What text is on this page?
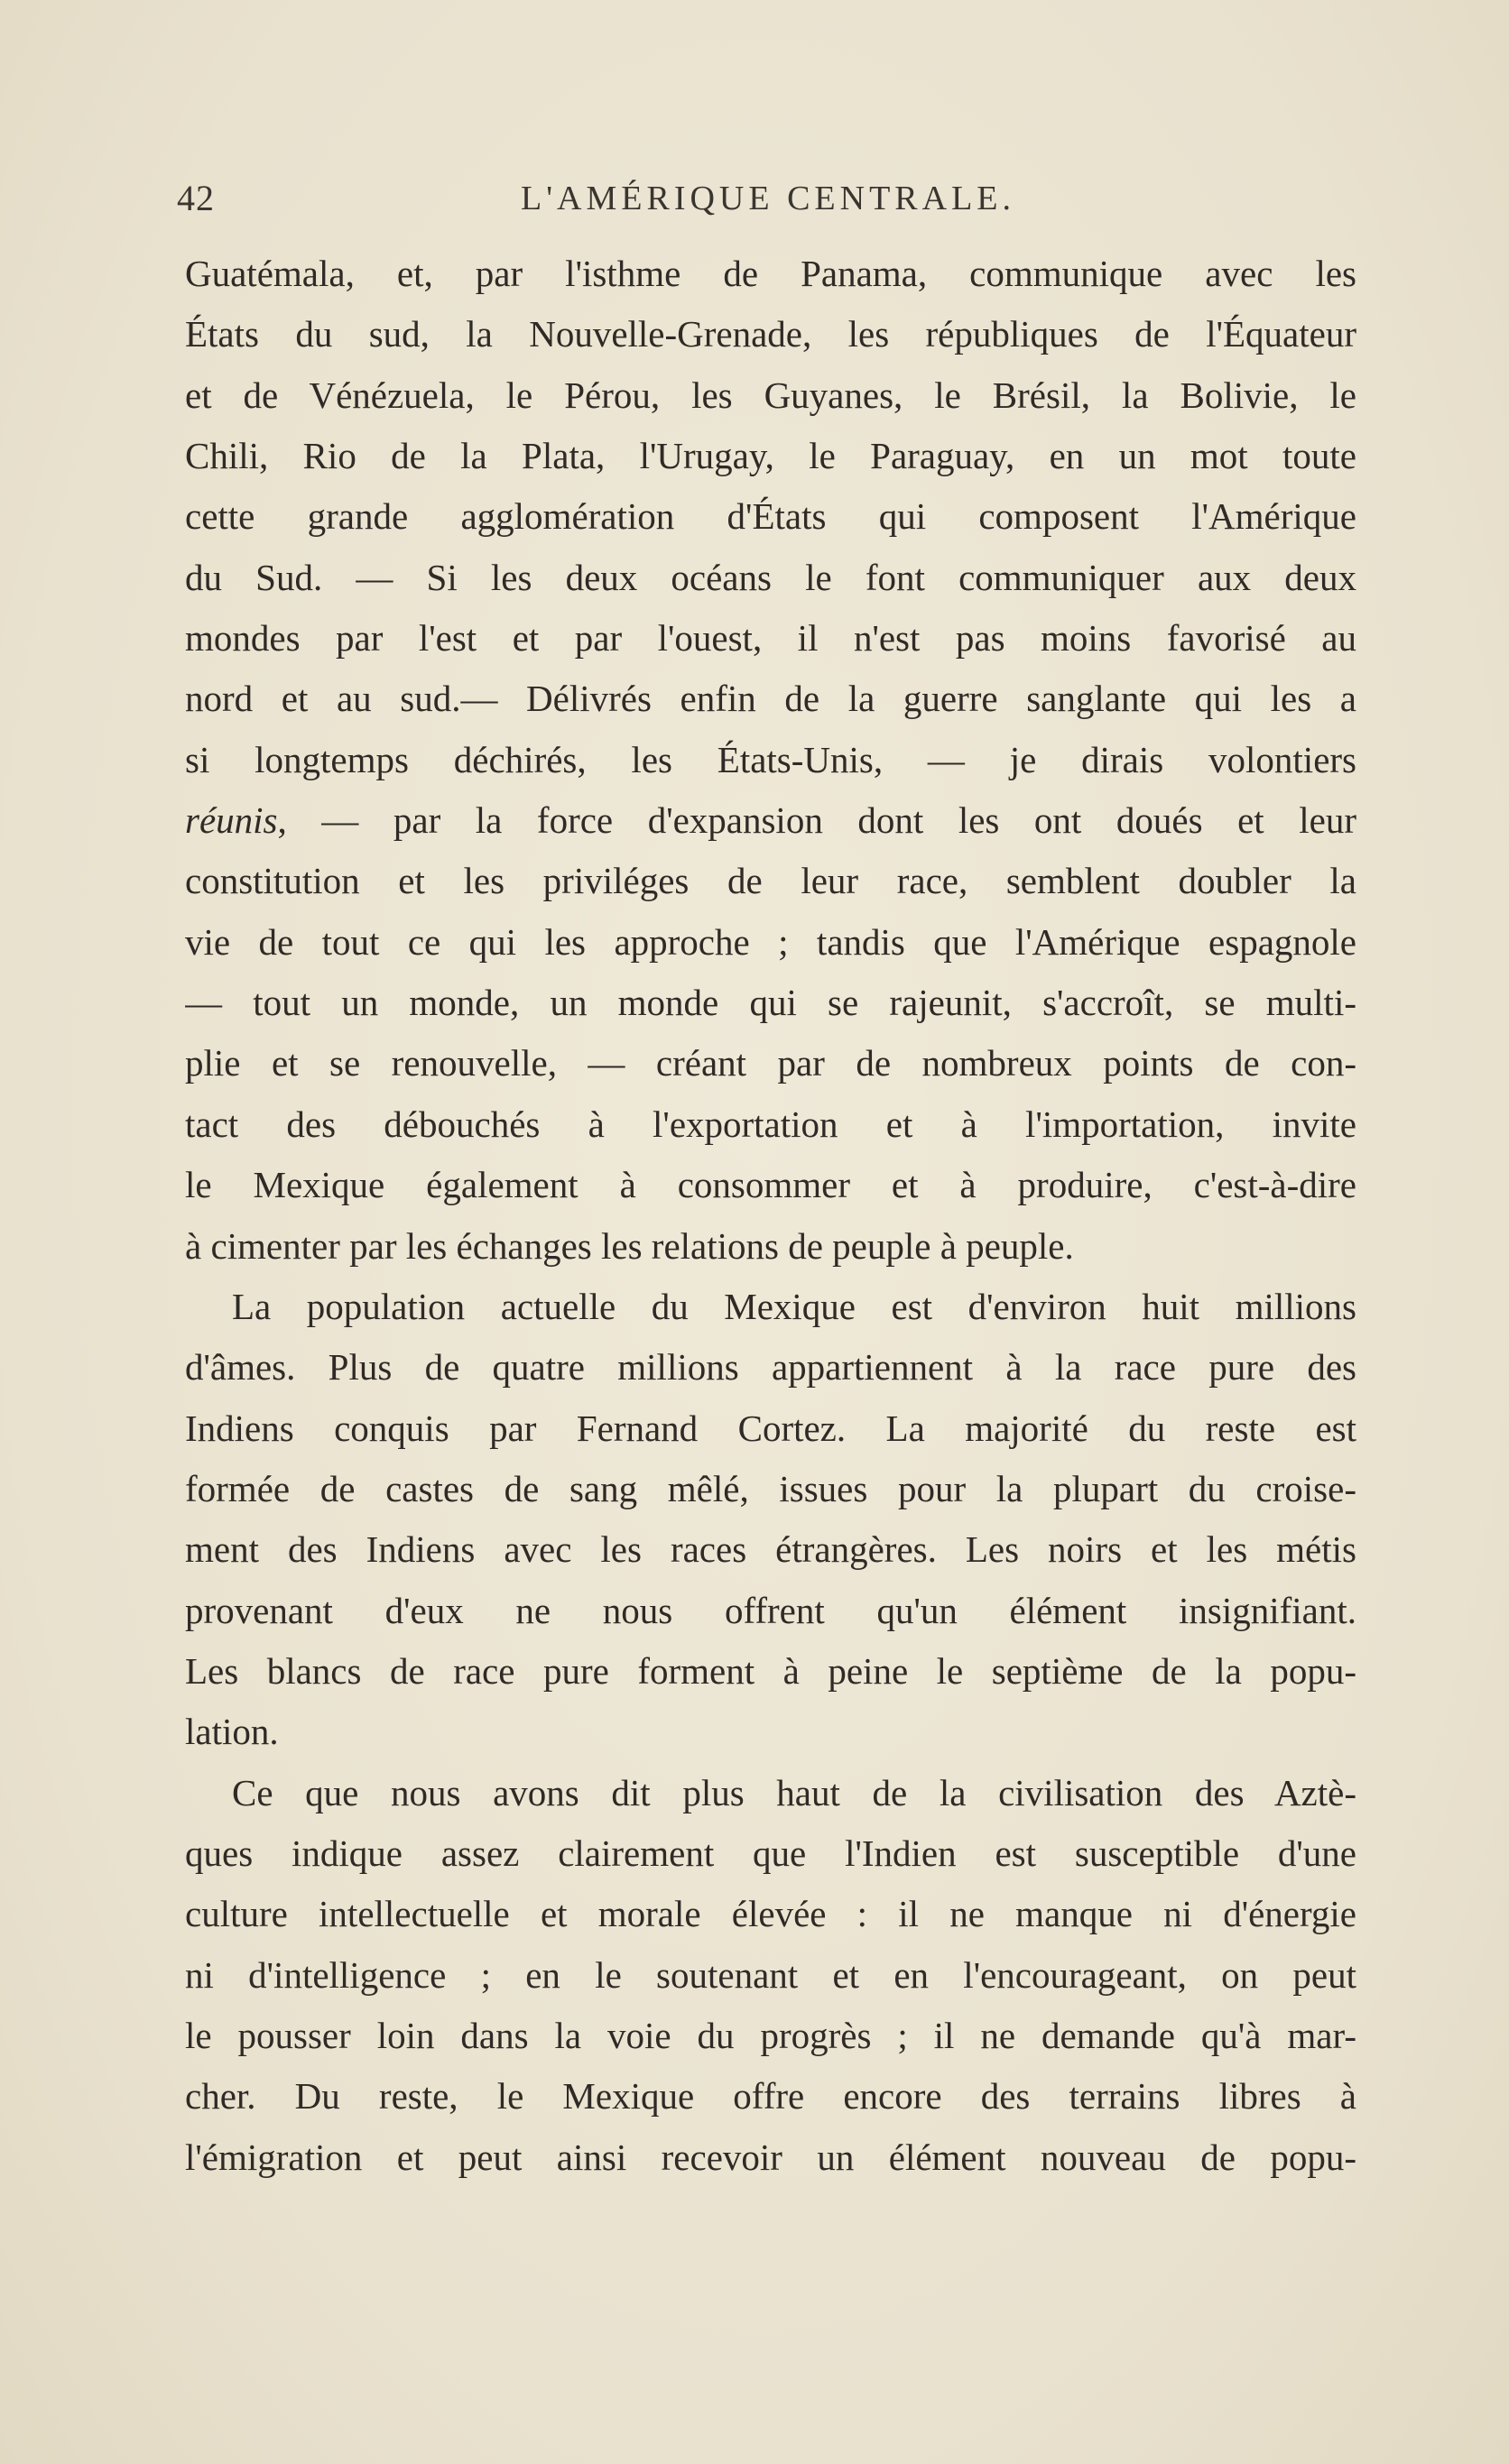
42	L'AMÉRIQUE CENTRALE.
Guatémala, et, par l'isthme de Panama, communique avec les
États du sud, la Nouvelle-Grenade, les républiques de l'Équateur
et de Vénézuela, le Pérou, les Guyanes, le Brésil, la Bolivie, le
Chili, Rio de la Plata, l'Urugay, le Paraguay, en un mot toute
cette grande agglomération d'États qui composent l'Amérique
du Sud. — Si les deux océans le font communiquer aux deux
mondes par l'est et par l'ouest, il n'est pas moins favorisé au
nord et au sud.— Délivrés enfin de la guerre sanglante qui les a
si longtemps déchirés, les États-Unis, — je dirais volontiers
réunis, — par la force d'expansion dont les ont doués et leur
constitution et les priviléges de leur race, semblent doubler la
vie de tout ce qui les approche ; tandis que l'Amérique espagnole
— tout un monde, un monde qui se rajeunit, s'accroît, se multi-
plie et se renouvelle, — créant par de nombreux points de con-
tact des débouchés à l'exportation et à l'importation, invite
le Mexique également à consommer et à produire, c'est-à-dire
à cimenter par les échanges les relations de peuple à peuple.
La population actuelle du Mexique est d'environ huit millions
d'âmes. Plus de quatre millions appartiennent à la race pure des
Indiens conquis par Fernand Cortez. La majorité du reste est
formée de castes de sang mêlé, issues pour la plupart du croise-
ment des Indiens avec les races étrangères. Les noirs et les métis
provenant d'eux ne nous offrent qu'un élément insignifiant.
Les blancs de race pure forment à peine le septième de la popu-
lation.
Ce que nous avons dit plus haut de la civilisation des Aztè-
ques indique assez clairement que l'Indien est susceptible d'une
culture intellectuelle et morale élevée : il ne manque ni d'énergie
ni d'intelligence ; en le soutenant et en l'encourageant, on peut
le pousser loin dans la voie du progrès ; il ne demande qu'à mar-
cher. Du reste, le Mexique offre encore des terrains libres à
l'émigration et peut ainsi recevoir un élément nouveau de popu-
